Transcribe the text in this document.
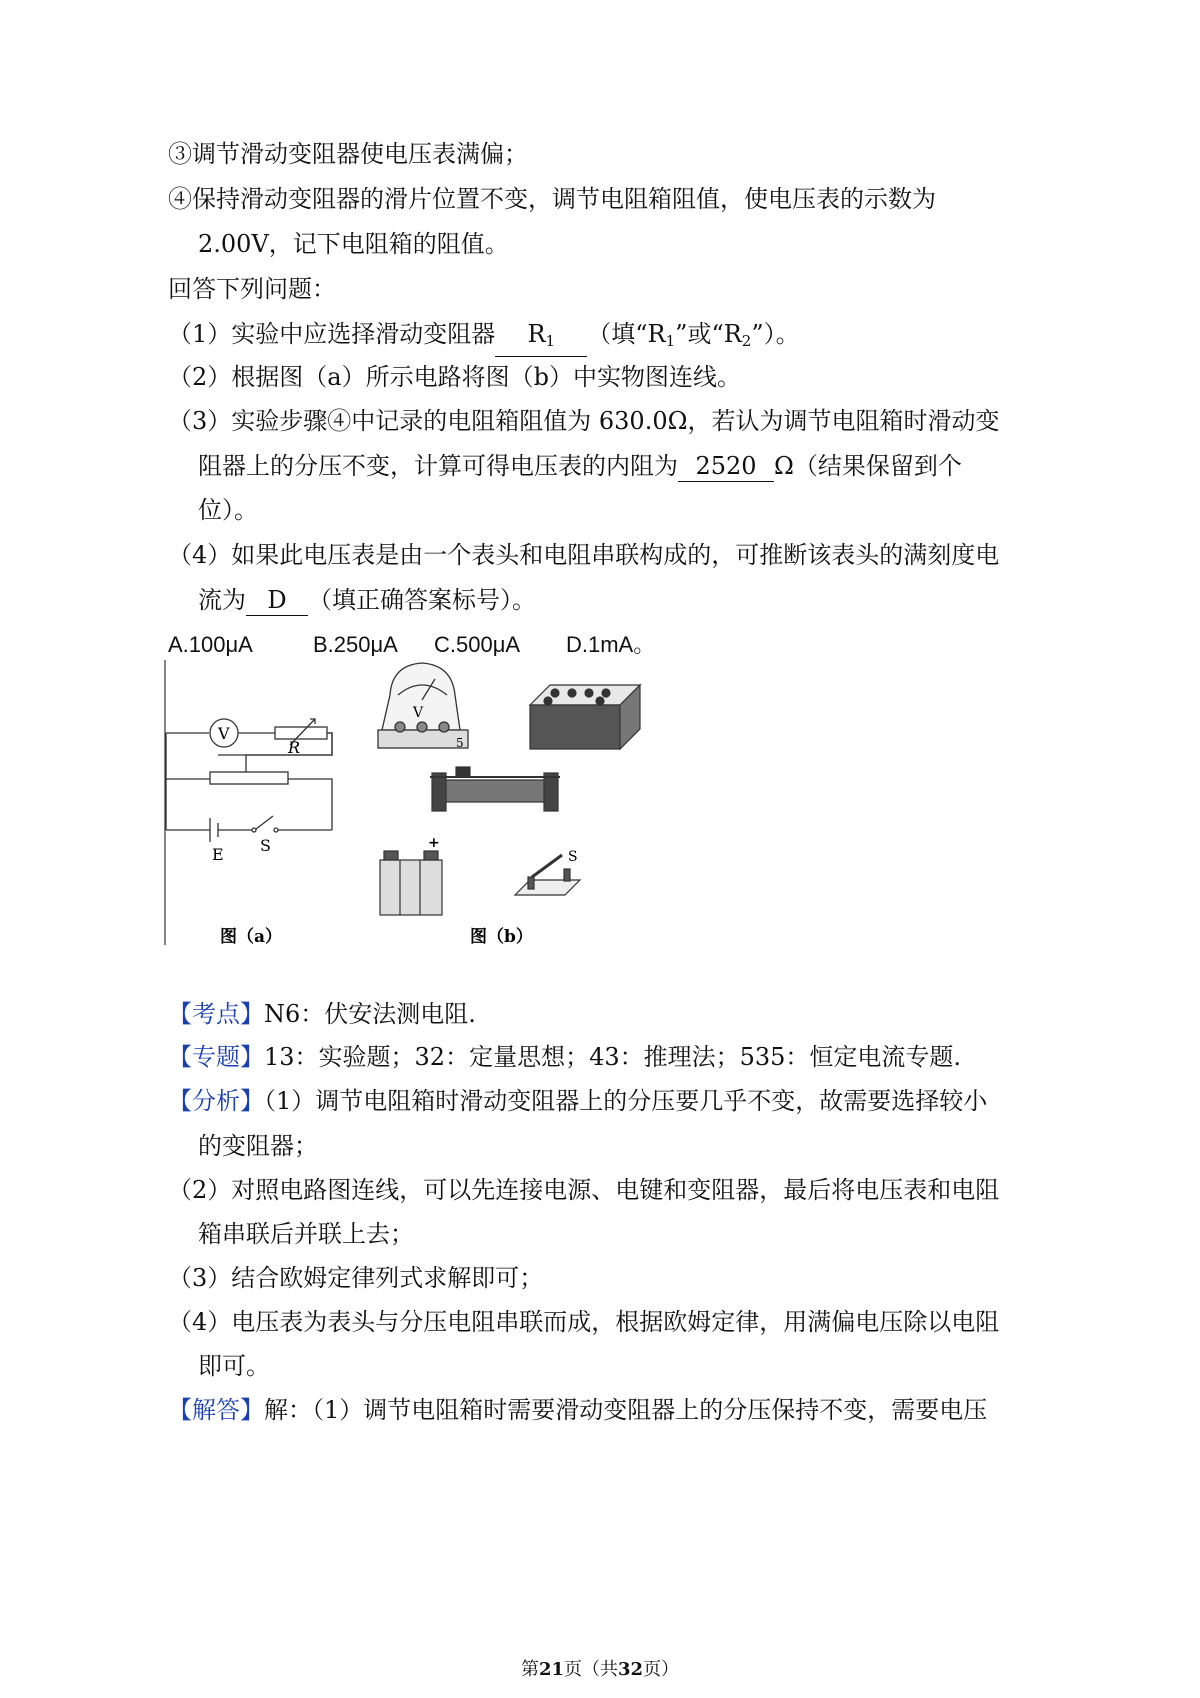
③调节滑动变阻器使电压表满偏；
④保持滑动变阻器的滑片位置不变，调节电阻箱阻值，使电压表的示数为
2.00V，记下电阻箱的阻值。
回答下列问题：
（1）实验中应选择滑动变阻器 $R_1$ （填“$R_1$”或“$R_2$”）。
（2）根据图（a）所示电路将图（b）中实物图连线。
（3）实验步骤④中记录的电阻箱阻值为 630.0Ω，若认为调节电阻箱时滑动变
阻器上的分压不变，计算可得电压表的内阻为 2520 Ω（结果保留到个
位）。
（4）如果此电压表是由一个表头和电阻串联构成的，可推断该表头的满刻度电
流为 D （填正确答案标号）。
A.100μA	B.250μA C.500μA D.1mA。
V
R
E S
图（a）
V
5
+
S
图（b）
【考点】N6：伏安法测电阻.
【专题】13：实验题；32：定量思想；43：推理法；535：恒定电流专题.
【分析】（1）调节电阻箱时滑动变阻器上的分压要几乎不变，故需要选择较小
的变阻器；
（2）对照电路图连线，可以先连接电源、电键和变阻器，最后将电压表和电阻
箱串联后并联上去；
（3）结合欧姆定律列式求解即可；
（4）电压表为表头与分压电阻串联而成，根据欧姆定律，用满偏电压除以电阻
即可。
【解答】解：（1）调节电阻箱时需要滑动变阻器上的分压保持不变，需要电压
第21页（共32页）
